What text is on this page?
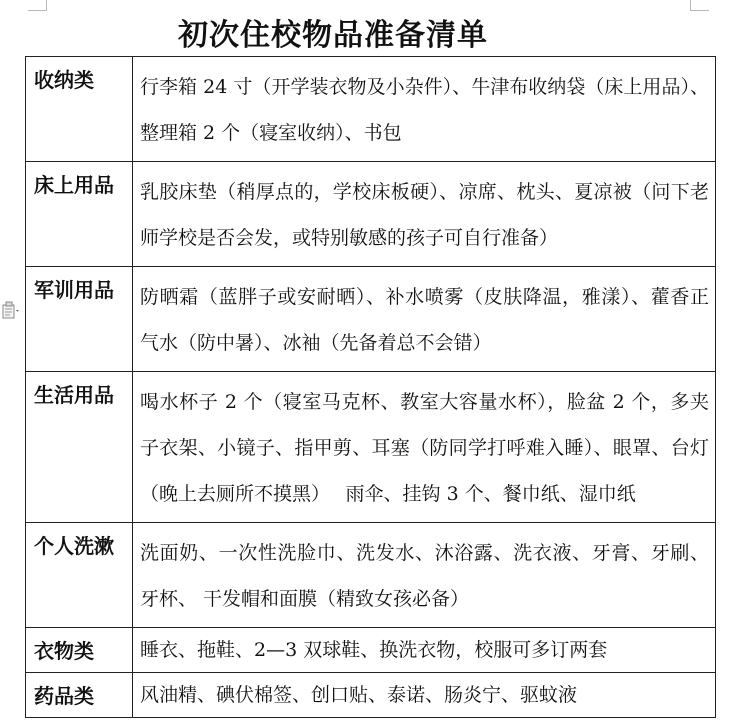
初次住校物品准备清单
收纳类	行李箱 24 寸（开学装衣物及小杂件）、牛津布收纳袋（床上用品）、整理箱 2 个（寝室收纳）、书包
床上用品	乳胶床垫（稍厚点的，学校床板硬）、凉席、枕头、夏凉被（问下老师学校是否会发，或特别敏感的孩子可自行准备）
军训用品	防晒霜（蓝胖子或安耐晒）、补水喷雾（皮肤降温，雅漾）、藿香正气水（防中暑）、冰袖（先备着总不会错）
生活用品	喝水杯子 2 个（寝室马克杯、教室大容量水杯），脸盆 2 个，多夹子衣架、小镜子、指甲剪、耳塞（防同学打呼难入睡）、眼罩、台灯（晚上去厕所不摸黑）　 雨伞、挂钩 3 个、餐巾纸、湿巾纸
个人洗漱	洗面奶、一次性洗脸巾、洗发水、沐浴露、洗衣液、牙膏、牙刷、牙杯、 干发帽和面膜（精致女孩必备）
衣物类	睡衣、拖鞋、2—3 双球鞋、换洗衣物，校服可多订两套
药品类	风油精、碘伏棉签、创口贴、泰诺、肠炎宁、驱蚊液
